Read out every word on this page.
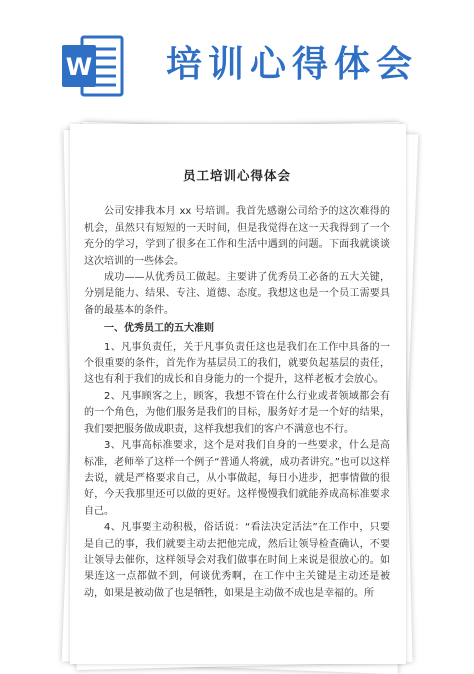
W 培训心得体会
员工培训心得体会

公司安排我本月 xx 号培训。我首先感谢公司给予的这次难得的机会，虽然只有短短的一天时间，但是我觉得在这一天我得到了一个充分的学习，学到了很多在工作和生活中遇到的问题。下面我就谈谈这次培训的一些体会。

成功——从优秀员工做起。主要讲了优秀员工必备的五大关键，分别是能力、结果、专注、道德、态度。我想这也是一个员工需要具备的最基本的条件。

一、优秀员工的五大准则

1、凡事负责任，关于凡事负责任这也是我们在工作中具备的一个很重要的条件，首先作为基层员工的我们，就要负起基层的责任，这也有利于我们的成长和自身能力的一个提升，这样老板才会放心。

2、凡事顾客之上，顾客，我想不管在什么行业或者领域都会有的一个角色，为他们服务是我们的目标，服务好才是一个好的结果，我们要把服务做成职责，这样我想我们的客户不满意也不行。

3、凡事高标准要求，这个是对我们自身的一些要求，什么是高标准，老师举了这样一个例子“普通人将就，成功者讲究。”也可以这样去说，就是严格要求自己，从小事做起，每日小进步，把事情做的很好，今天我那里还可以做的更好。这样慢慢我们就能养成高标准要求自己。

4、凡事要主动积极，俗话说：“看法决定活法”在工作中，只要是自己的事，我们就要主动去把他完成，然后让领导检查确认，不要让领导去催你，这样领导会对我们做事在时间上来说是很放心的。如果连这一点都做不到，何谈优秀啊，在工作中主关键是主动还是被动，如果是被动做了也是牺牲，如果是主动做不成也是幸福的。所
